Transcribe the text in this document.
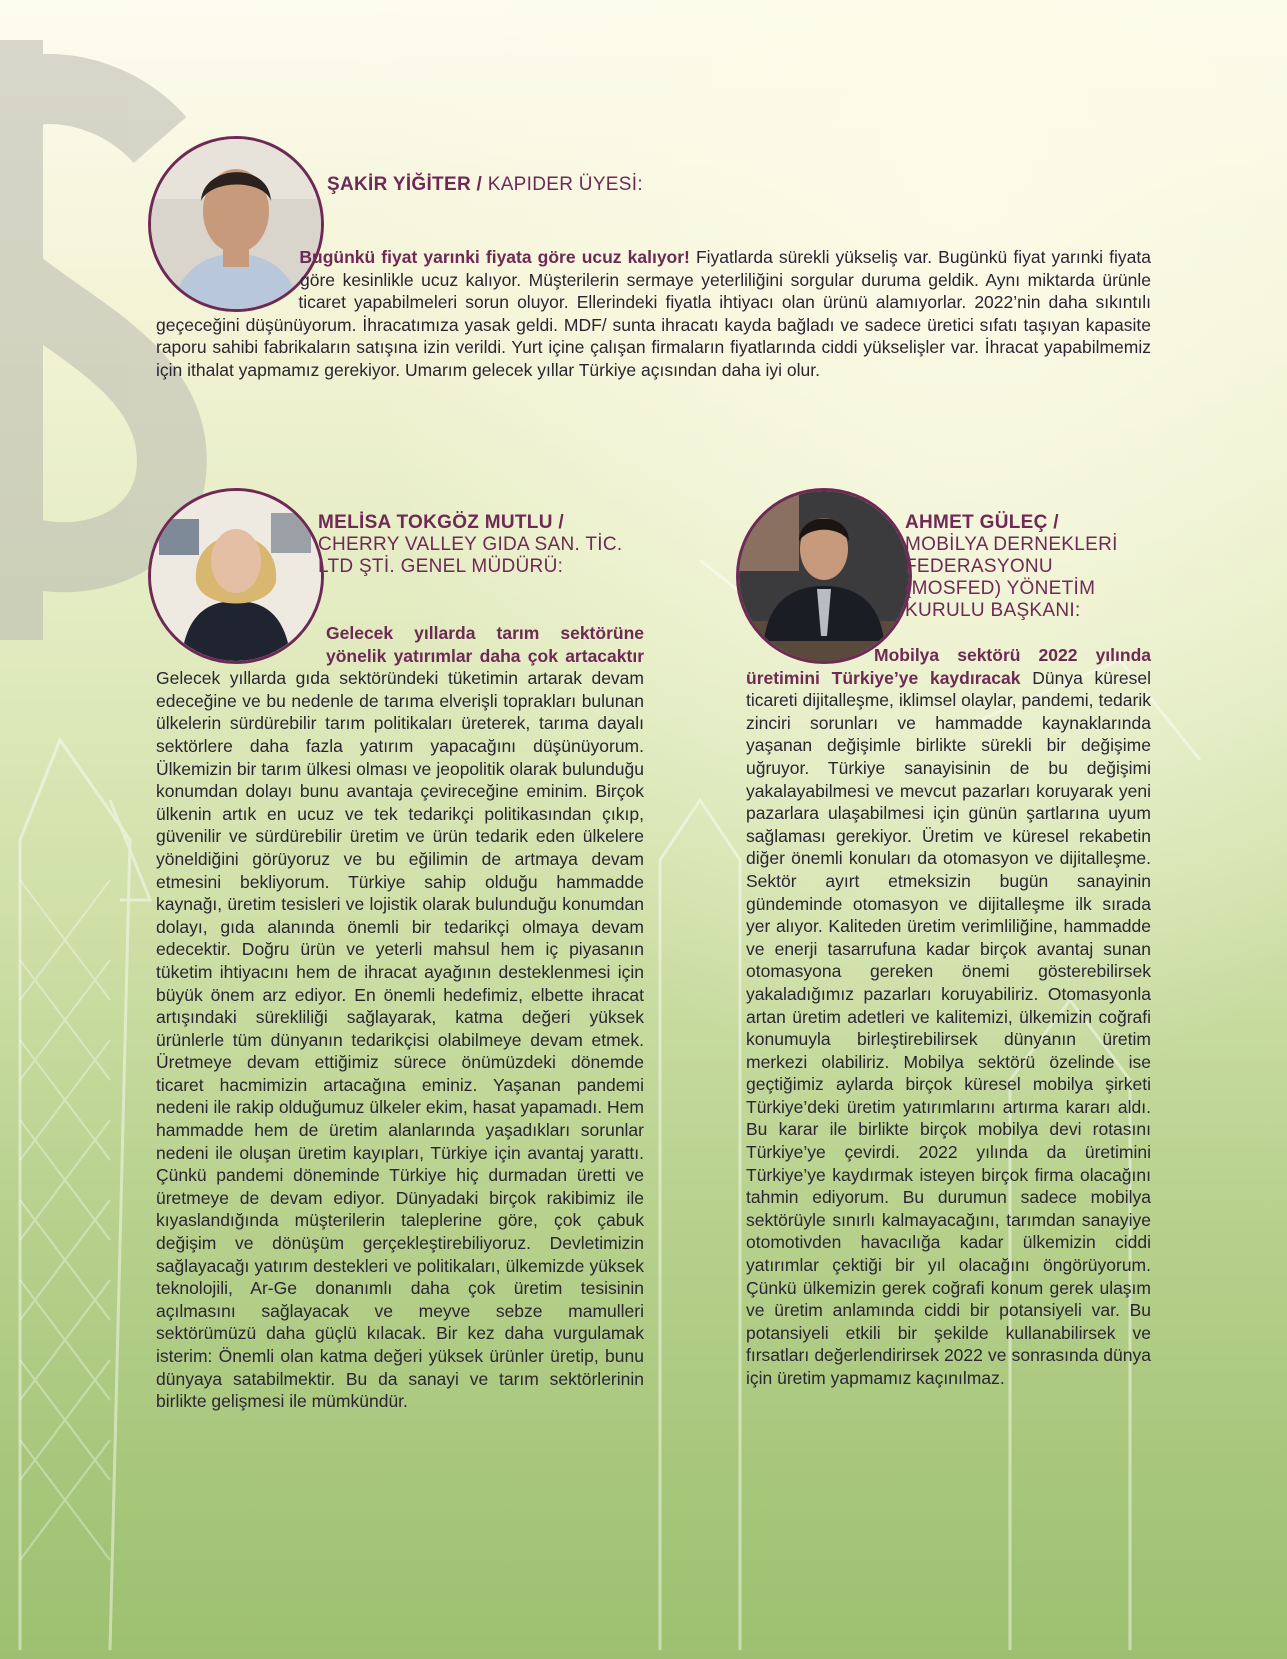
ŞAKİR YİĞİTER / KAPIDER ÜYESİ:

Bugünkü fiyat yarınki fiyata göre ucuz kalıyor! Fiyatlarda sürekli yükseliş var. Bugünkü fiyat yarınki fiyata göre kesinlikle ucuz kalıyor. Müşterilerin sermaye yeterliliğini sorgular duruma geldik. Aynı miktarda ürünle ticaret yapabilmeleri sorun oluyor. Ellerindeki fiyatla ihtiyacı olan ürünü alamıyorlar. 2022’nin daha sıkıntılı geçeceğini düşünüyorum. İhracatımıza yasak geldi. MDF/ sunta ihracatı kayda bağladı ve sadece üretici sıfatı taşıyan kapasite raporu sahibi fabrikaların satışına izin verildi. Yurt içine çalışan firmaların fiyatlarında ciddi yükselişler var. İhracat yapabilmemiz için ithalat yapmamız gerekiyor. Umarım gelecek yıllar Türkiye açısından daha iyi olur.

MELİSA TOKGÖZ MUTLU / CHERRY VALLEY GIDA SAN. TİC. LTD ŞTİ. GENEL MÜDÜRÜ:

Gelecek yıllarda tarım sektörüne yönelik yatırımlar daha çok artacaktır Gelecek yıllarda gıda sektöründeki tüketimin artarak devam edeceğine ve bu nedenle de tarıma elverişli toprakları bulunan ülkelerin sürdürebilir tarım politikaları üreterek, tarıma dayalı sektörlere daha fazla yatırım yapacağını düşünüyorum. Ülkemizin bir tarım ülkesi olması ve jeopolitik olarak bulunduğu konumdan dolayı bunu avantaja çevireceğine eminim. Birçok ülkenin artık en ucuz ve tek tedarikçi politikasından çıkıp, güvenilir ve sürdürebilir üretim ve ürün tedarik eden ülkelere yöneldiğini görüyoruz ve bu eğilimin de artmaya devam etmesini bekliyorum. Türkiye sahip olduğu hammadde kaynağı, üretim tesisleri ve lojistik olarak bulunduğu konumdan dolayı, gıda alanında önemli bir tedarikçi olmaya devam edecektir. Doğru ürün ve yeterli mahsul hem iç piyasanın tüketim ihtiyacını hem de ihracat ayağının desteklenmesi için büyük önem arz ediyor. En önemli hedefimiz, elbette ihracat artışındaki sürekliliği sağlayarak, katma değeri yüksek ürünlerle tüm dünyanın tedarikçisi olabilmeye devam etmek. Üretmeye devam ettiğimiz sürece önümüzdeki dönemde ticaret hacmimizin artacağına eminiz. Yaşanan pandemi nedeni ile rakip olduğumuz ülkeler ekim, hasat yapamadı. Hem hammadde hem de üretim alanlarında yaşadıkları sorunlar nedeni ile oluşan üretim kayıpları, Türkiye için avantaj yarattı. Çünkü pandemi döneminde Türkiye hiç durmadan üretti ve üretmeye de devam ediyor. Dünyadaki birçok rakibimiz ile kıyaslandığında müşterilerin taleplerine göre, çok çabuk değişim ve dönüşüm gerçekleştirebiliyoruz. Devletimizin sağlayacağı yatırım destekleri ve politikaları, ülkemizde yüksek teknolojili, Ar-Ge donanımlı daha çok üretim tesisinin açılmasını sağlayacak ve meyve sebze mamulleri sektörümüzü daha güçlü kılacak. Bir kez daha vurgulamak isterim: Önemli olan katma değeri yüksek ürünler üretip, bunu dünyaya satabilmektir. Bu da sanayi ve tarım sektörlerinin birlikte gelişmesi ile mümkündür.

AHMET GÜLEÇ / MOBİLYA DERNEKLERİ FEDERASYONU (MOSFED) YÖNETİM KURULU BAŞKANI:

Mobilya sektörü 2022 yılında üretimini Türkiye’ye kaydıracak Dünya küresel ticareti dijitalleşme, iklimsel olaylar, pandemi, tedarik zinciri sorunları ve hammadde kaynaklarında yaşanan değişimle birlikte sürekli bir değişime uğruyor. Türkiye sanayisinin de bu değişimi yakalayabilmesi ve mevcut pazarları koruyarak yeni pazarlara ulaşabilmesi için günün şartlarına uyum sağlaması gerekiyor. Üretim ve küresel rekabetin diğer önemli konuları da otomasyon ve dijitalleşme. Sektör ayırt etmeksizin bugün sanayinin gündeminde otomasyon ve dijitalleşme ilk sırada yer alıyor. Kaliteden üretim verimliliğine, hammadde ve enerji tasarrufuna kadar birçok avantaj sunan otomasyona gereken önemi gösterebilirsek yakaladığımız pazarları koruyabiliriz. Otomasyonla artan üretim adetleri ve kalitemizi, ülkemizin coğrafi konumuyla birleştirebilirsek dünyanın üretim merkezi olabiliriz. Mobilya sektörü özelinde ise geçtiğimiz aylarda birçok küresel mobilya şirketi Türkiye’deki üretim yatırımlarını artırma kararı aldı. Bu karar ile birlikte birçok mobilya devi rotasını Türkiye’ye çevirdi. 2022 yılında da üretimini Türkiye’ye kaydırmak isteyen birçok firma olacağını tahmin ediyorum. Bu durumun sadece mobilya sektörüyle sınırlı kalmayacağını, tarımdan sanayiye otomotivden havacılığa kadar ülkemizin ciddi yatırımlar çektiği bir yıl olacağını öngörüyorum. Çünkü ülkemizin gerek coğrafi konum gerek ulaşım ve üretim anlamında ciddi bir potansiyeli var. Bu potansiyeli etkili bir şekilde kullanabilirsek ve fırsatları değerlendirirsek 2022 ve sonrasında dünya için üretim yapmamız kaçınılmaz.
